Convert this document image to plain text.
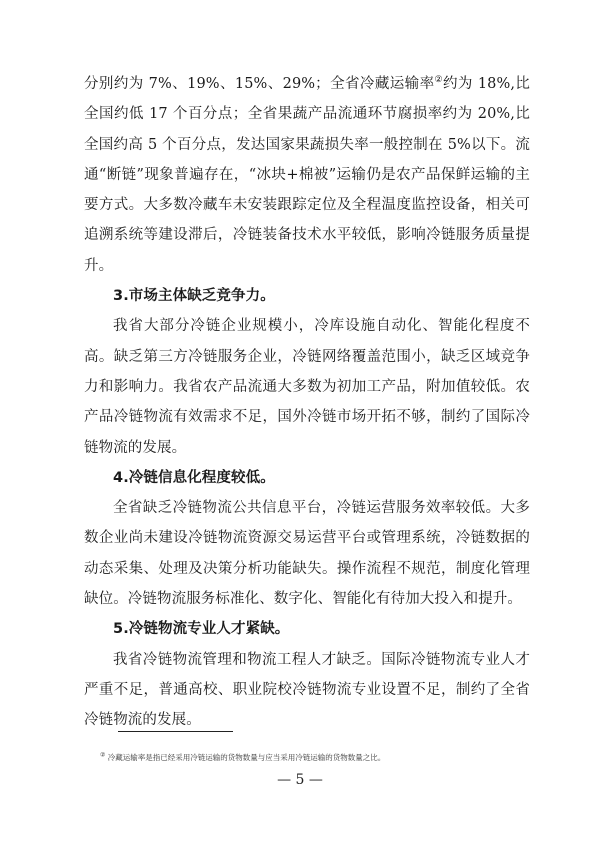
分别约为 7%、19%、15%、29%；全省冷藏运输率②约为 18%,比全国约低 17 个百分点；全省果蔬产品流通环节腐损率约为 20%,比全国约高 5 个百分点，发达国家果蔬损失率一般控制在 5%以下。流通“断链”现象普遍存在，“冰块+棉被”运输仍是农产品保鲜运输的主要方式。大多数冷藏车未安装跟踪定位及全程温度监控设备，相关可追溯系统等建设滞后，冷链装备技术水平较低，影响冷链服务质量提升。

3.市场主体缺乏竞争力。

我省大部分冷链企业规模小，冷库设施自动化、智能化程度不高。缺乏第三方冷链服务企业，冷链网络覆盖范围小，缺乏区域竞争力和影响力。我省农产品流通大多数为初加工产品，附加值较低。农产品冷链物流有效需求不足，国外冷链市场开拓不够，制约了国际冷链物流的发展。

4.冷链信息化程度较低。

全省缺乏冷链物流公共信息平台，冷链运营服务效率较低。大多数企业尚未建设冷链物流资源交易运营平台或管理系统，冷链数据的动态采集、处理及决策分析功能缺失。操作流程不规范，制度化管理缺位。冷链物流服务标准化、数字化、智能化有待加大投入和提升。

5.冷链物流专业人才紧缺。

我省冷链物流管理和物流工程人才缺乏。国际冷链物流专业人才严重不足，普通高校、职业院校冷链物流专业设置不足，制约了全省冷链物流的发展。

② 冷藏运输率是指已经采用冷链运输的货物数量与应当采用冷链运输的货物数量之比。
— 5 —
